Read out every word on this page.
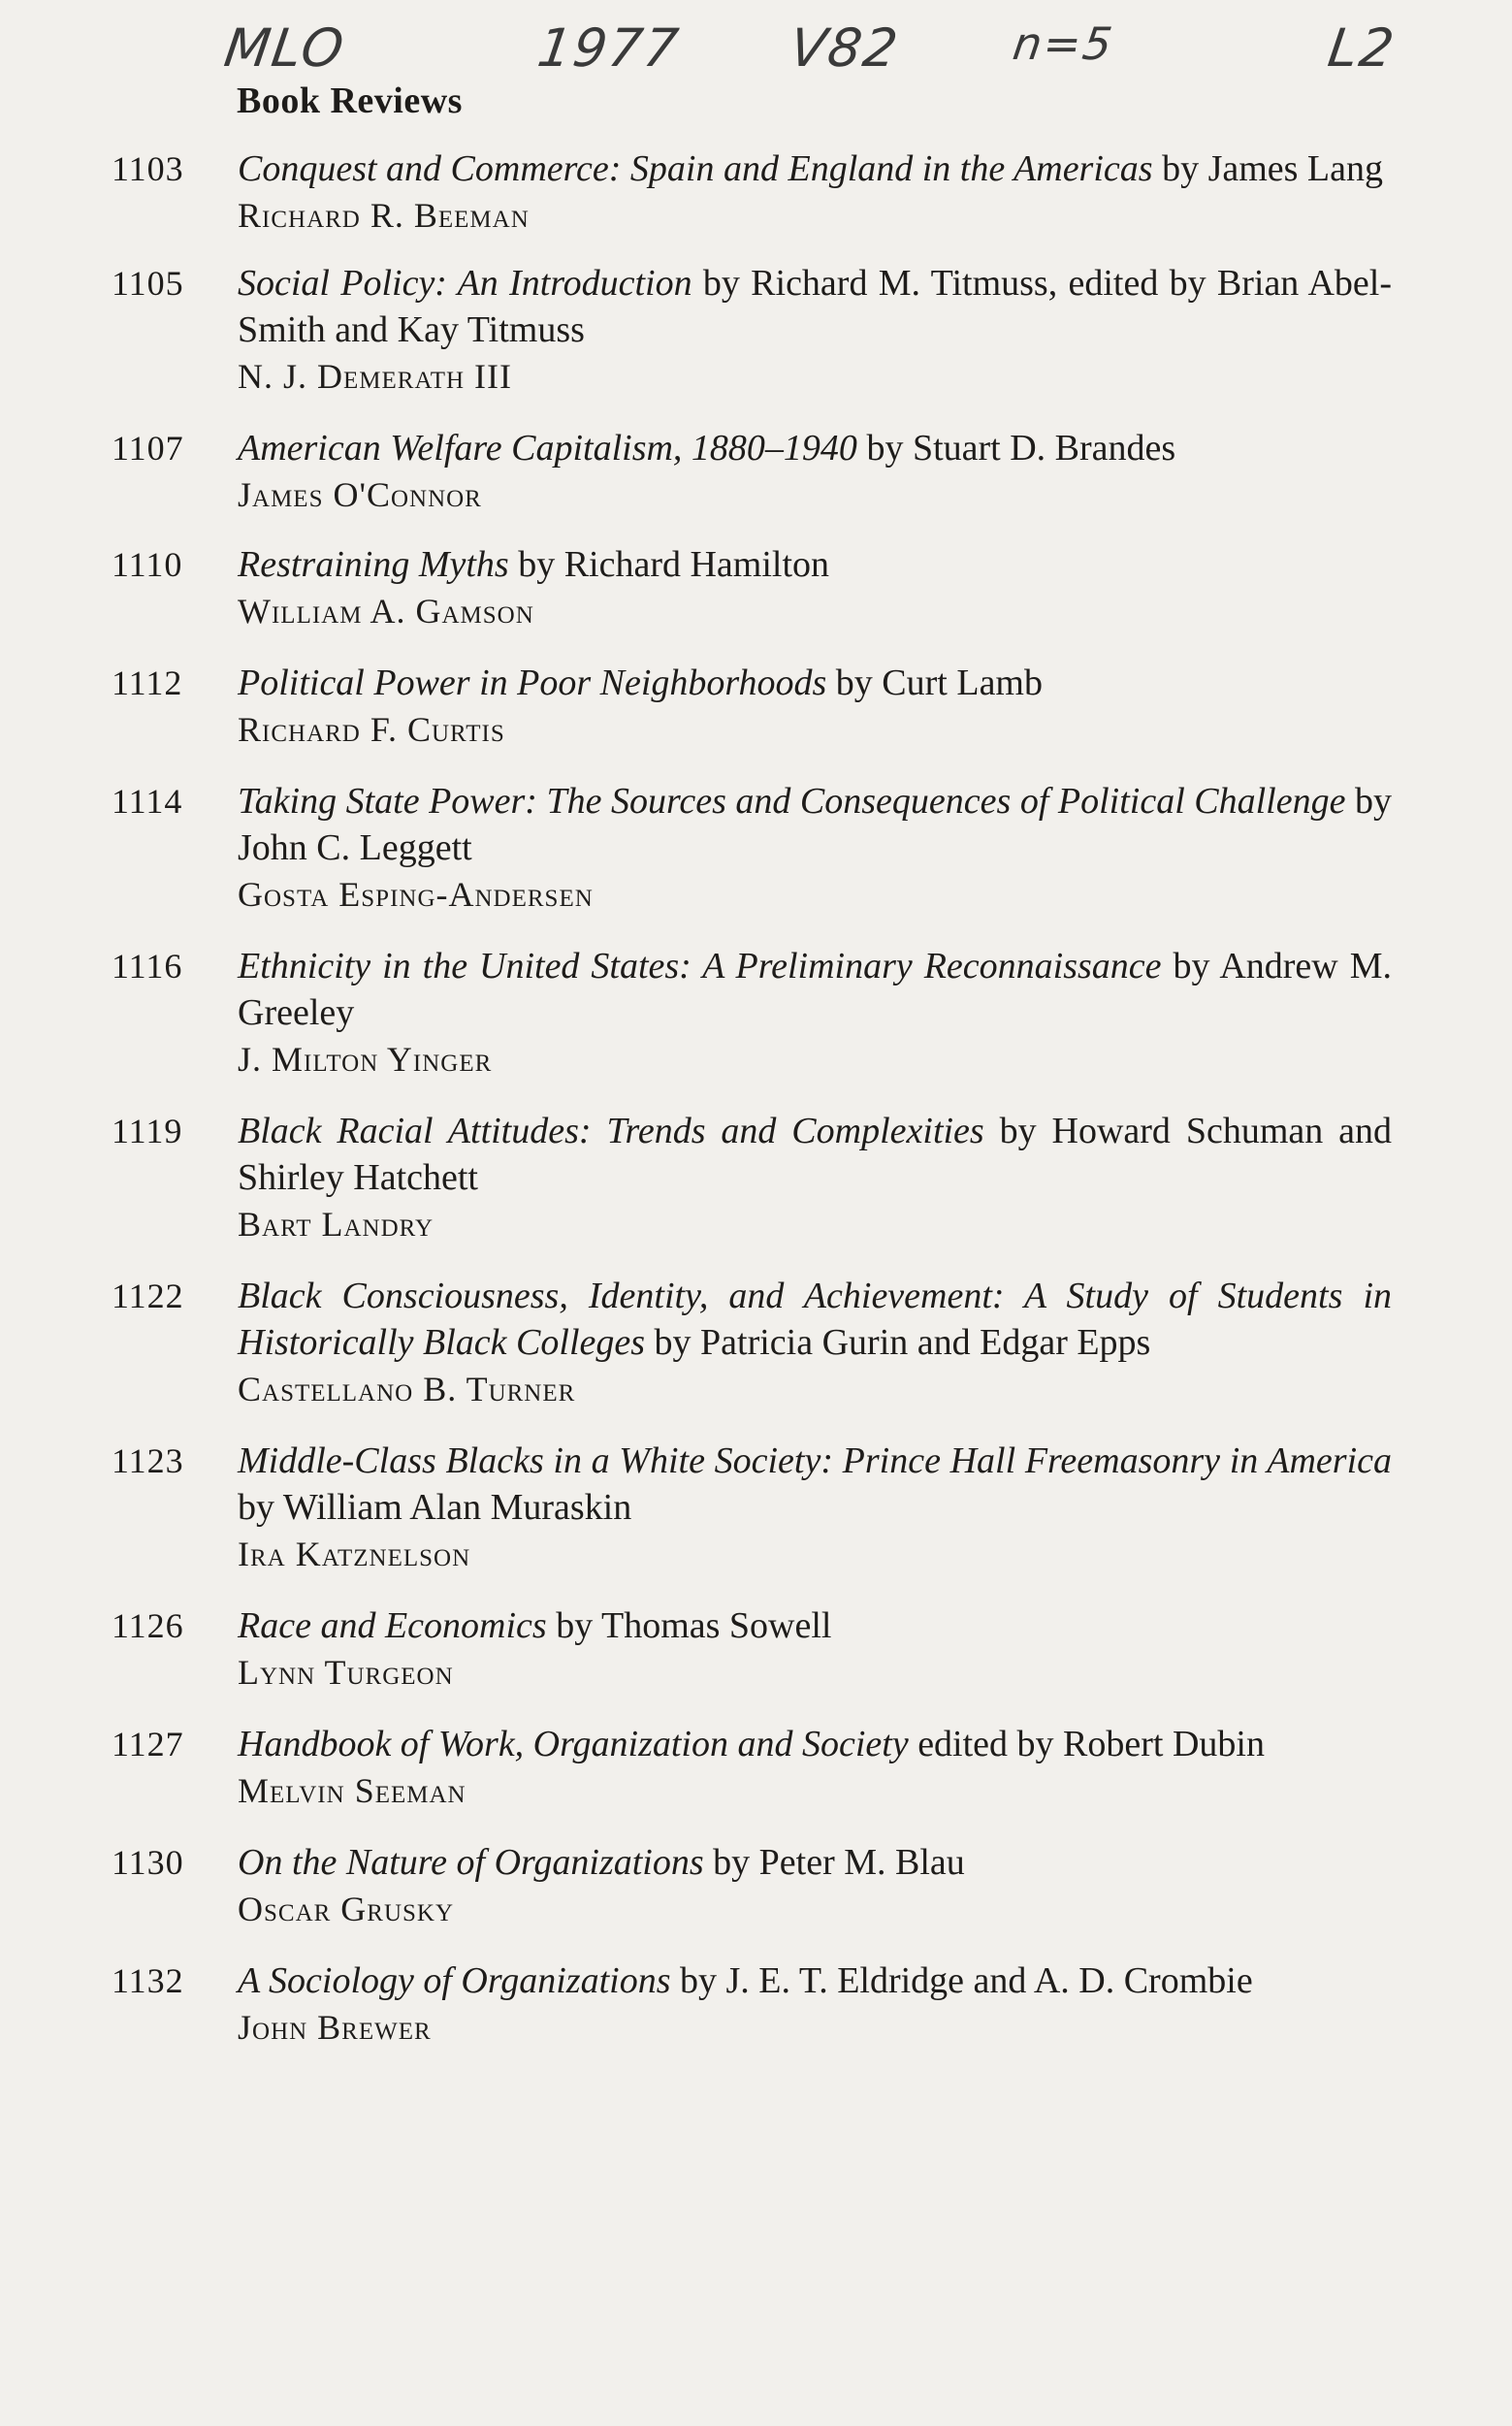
MLO	1977 V82 n=5	L2
Book Reviews
1103	Conquest and Commerce: Spain and England in the Americas by James Lang
Richard R. Beeman
1105	Social Policy: An Introduction by Richard M. Titmuss, edited by Brian Abel-Smith and Kay Titmuss
N. J. Demerath III
1107	American Welfare Capitalism, 1880–1940 by Stuart D. Brandes
James O'Connor
1110	Restraining Myths by Richard Hamilton
William A. Gamson
1112	Political Power in Poor Neighborhoods by Curt Lamb
Richard F. Curtis
1114	Taking State Power: The Sources and Consequences of Political Challenge by John C. Leggett
Gosta Esping-Andersen
1116	Ethnicity in the United States: A Preliminary Reconnaissance by Andrew M. Greeley
J. Milton Yinger
1119	Black Racial Attitudes: Trends and Complexities by Howard Schuman and Shirley Hatchett
Bart Landry
1122	Black Consciousness, Identity, and Achievement: A Study of Students in Historically Black Colleges by Patricia Gurin and Edgar Epps
Castellano B. Turner
1123	Middle-Class Blacks in a White Society: Prince Hall Freemasonry in America by William Alan Muraskin
Ira Katznelson
1126	Race and Economics by Thomas Sowell
Lynn Turgeon
1127	Handbook of Work, Organization and Society edited by Robert Dubin
Melvin Seeman
1130	On the Nature of Organizations by Peter M. Blau
Oscar Grusky
1132	A Sociology of Organizations by J. E. T. Eldridge and A. D. Crombie
John Brewer
